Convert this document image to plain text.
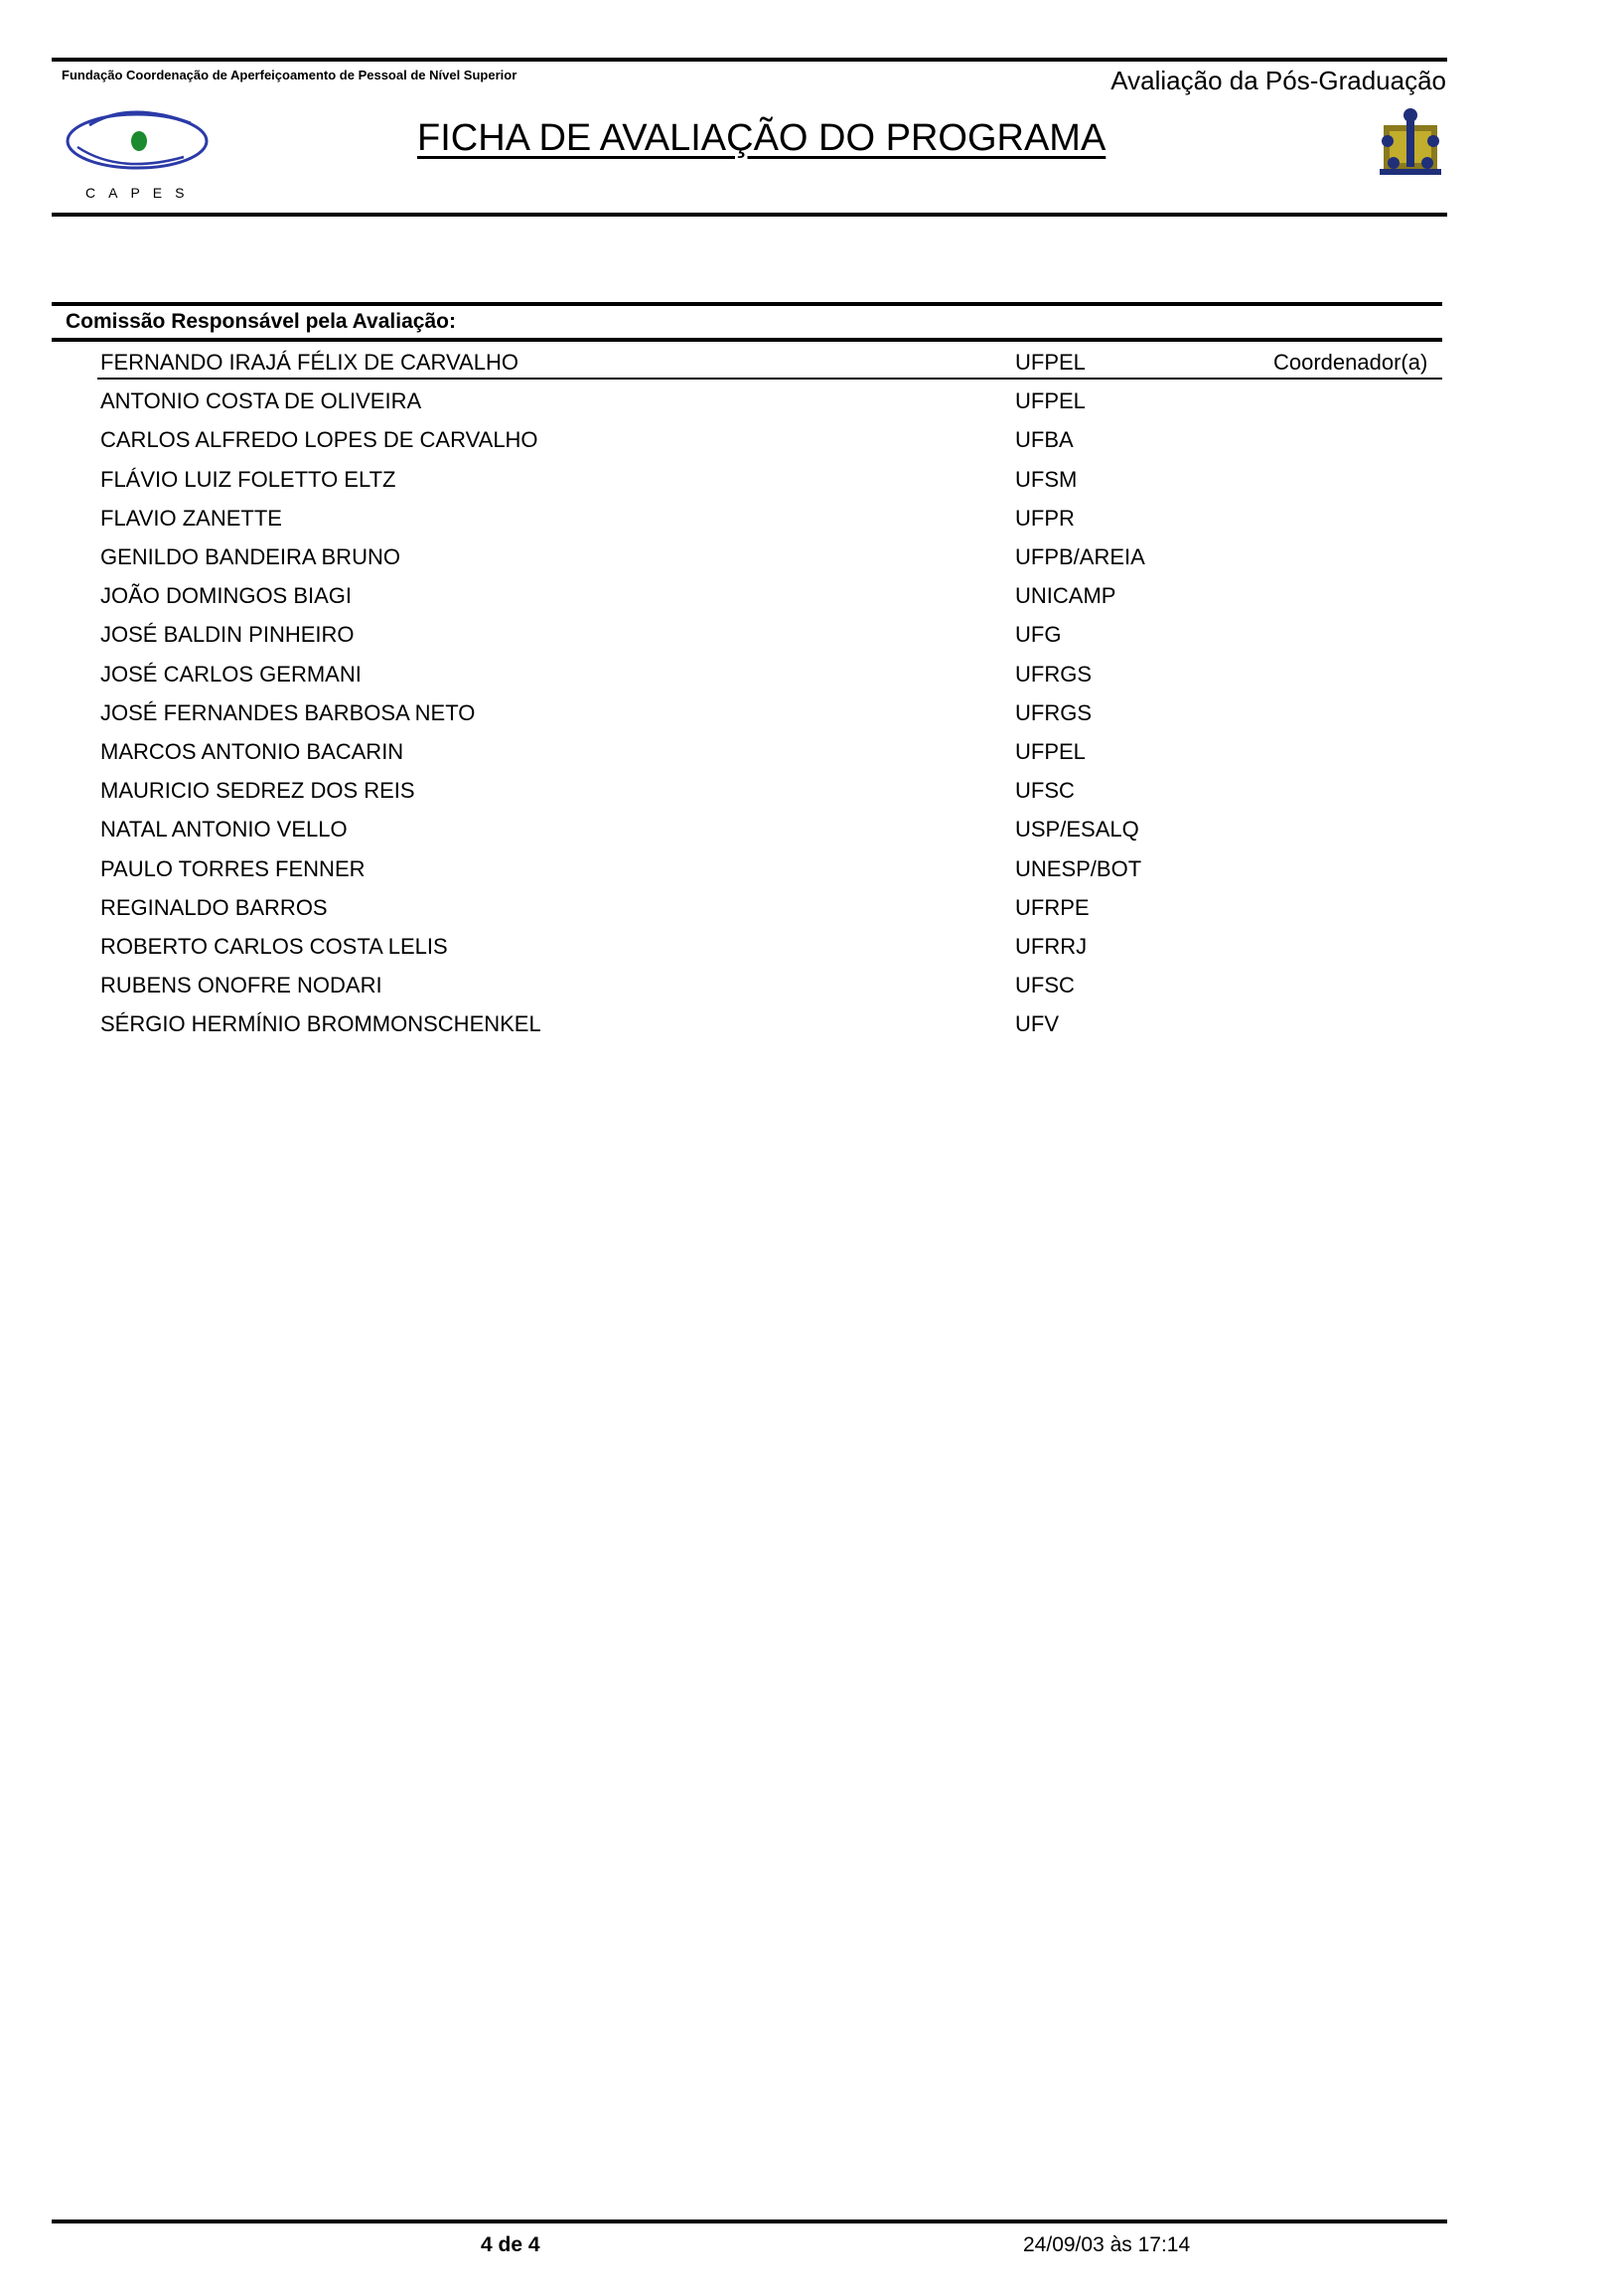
Fundação Coordenação de Aperfeiçoamento de Pessoal de Nível Superior	Avaliação da Pós-Graduação
CAPES
FICHA DE AVALIAÇÃO DO PROGRAMA
Comissão Responsável pela Avaliação:
FERNANDO IRAJÁ FÉLIX DE CARVALHO	UFPEL	Coordenador(a)
ANTONIO COSTA DE OLIVEIRA	UFPEL
CARLOS ALFREDO LOPES DE CARVALHO	UFBA
FLÁVIO LUIZ FOLETTO ELTZ	UFSM
FLAVIO ZANETTE	UFPR
GENILDO BANDEIRA BRUNO	UFPB/AREIA
JOÃO DOMINGOS BIAGI	UNICAMP
JOSÉ BALDIN PINHEIRO	UFG
JOSÉ CARLOS GERMANI	UFRGS
JOSÉ FERNANDES BARBOSA NETO	UFRGS
MARCOS ANTONIO BACARIN	UFPEL
MAURICIO SEDREZ DOS REIS	UFSC
NATAL ANTONIO VELLO	USP/ESALQ
PAULO TORRES FENNER	UNESP/BOT
REGINALDO BARROS	UFRPE
ROBERTO CARLOS COSTA LELIS	UFRRJ
RUBENS ONOFRE NODARI	UFSC
SÉRGIO HERMÍNIO BROMMONSCHENKEL	UFV
4 de 4	24/09/03 às 17:14
